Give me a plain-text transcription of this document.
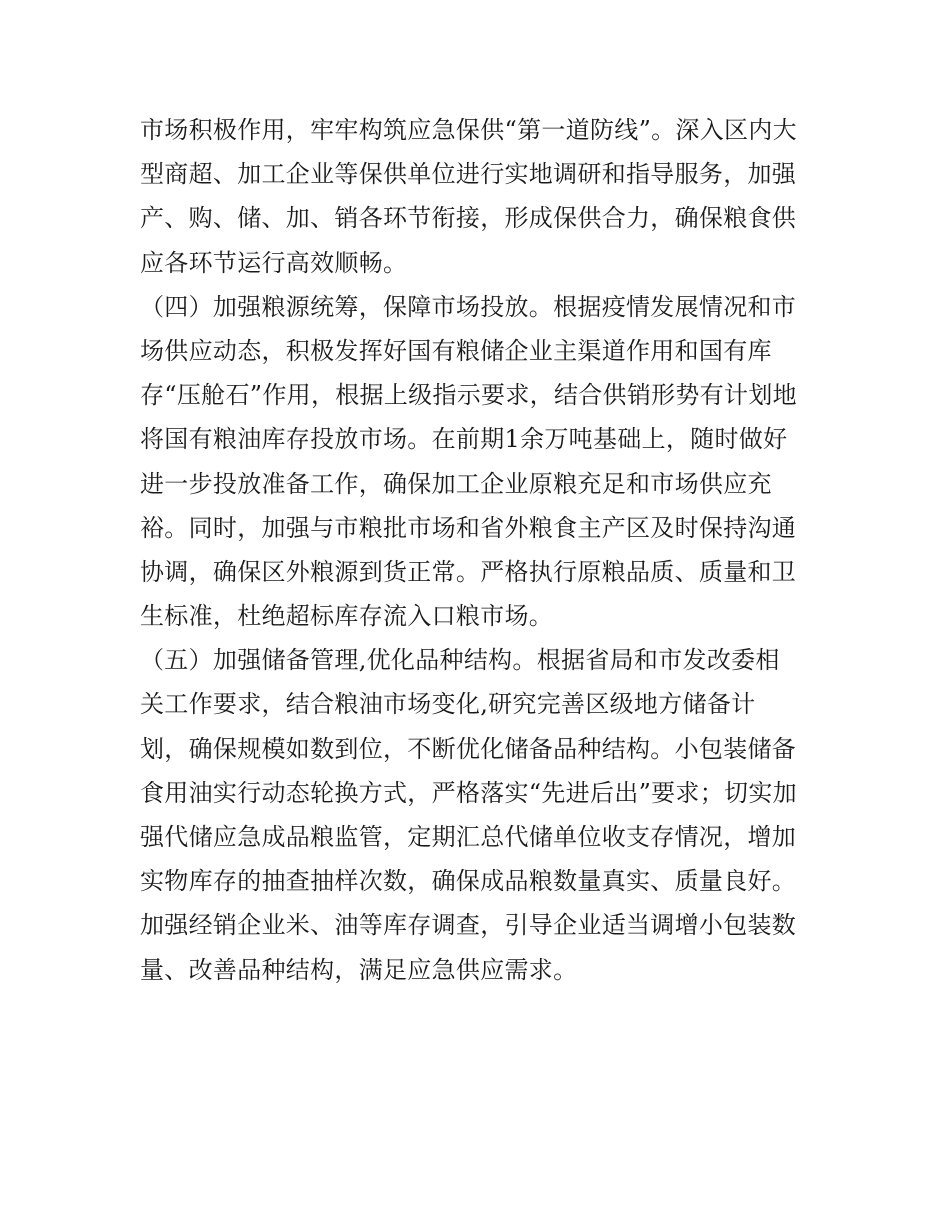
市场积极作用，牢牢构筑应急保供“第一道防线”。深入区内大
型商超、加工企业等保供单位进行实地调研和指导服务，加强
产、购、储、加、销各环节衔接，形成保供合力，确保粮食供
应各环节运行高效顺畅。
（四）加强粮源统筹，保障市场投放。根据疫情发展情况和市
场供应动态，积极发挥好国有粮储企业主渠道作用和国有库
存“压舱石”作用，根据上级指示要求，结合供销形势有计划地
将国有粮油库存投放市场。在前期1余万吨基础上，随时做好
进一步投放准备工作，确保加工企业原粮充足和市场供应充
裕。同时，加强与市粮批市场和省外粮食主产区及时保持沟通
协调，确保区外粮源到货正常。严格执行原粮品质、质量和卫
生标准，杜绝超标库存流入口粮市场。
（五）加强储备管理,优化品种结构。根据省局和市发改委相
关工作要求，结合粮油市场变化,研究完善区级地方储备计
划，确保规模如数到位，不断优化储备品种结构。小包装储备
食用油实行动态轮换方式，严格落实“先进后出”要求；切实加
强代储应急成品粮监管，定期汇总代储单位收支存情况，增加
实物库存的抽查抽样次数，确保成品粮数量真实、质量良好。
加强经销企业米、油等库存调查，引导企业适当调增小包装数
量、改善品种结构，满足应急供应需求。
